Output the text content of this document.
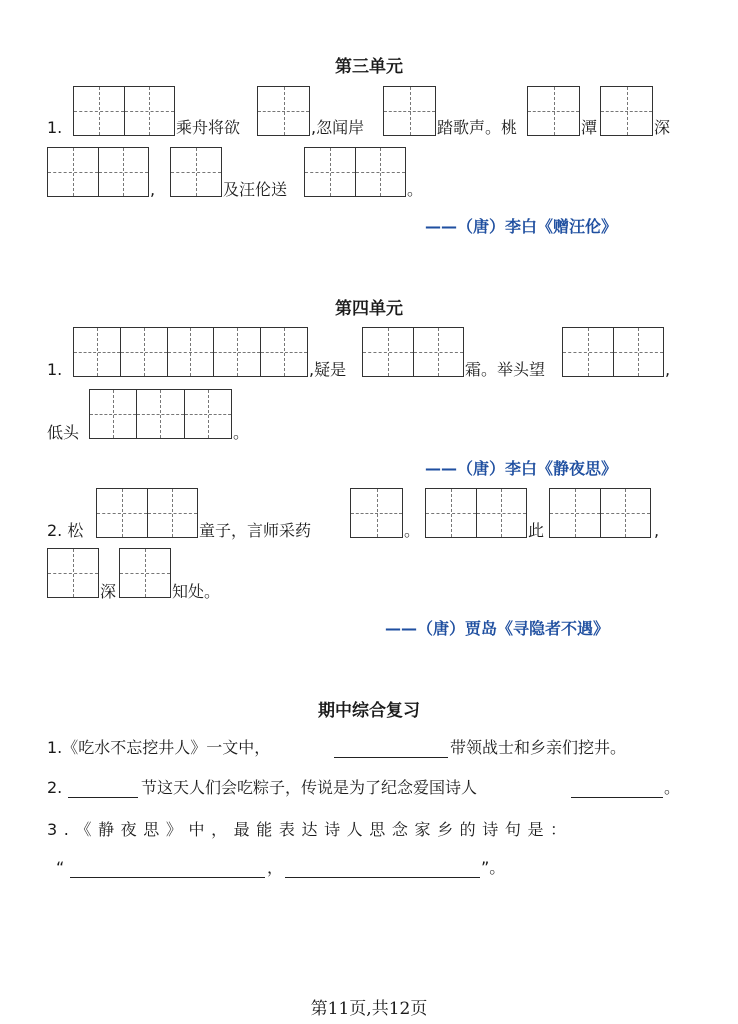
第三单元
1.	乘舟将欲	,忽闻岸	踏歌声。桃	潭	深
,	及汪伦送	。
——（唐）李白《赠汪伦》
第四单元
1.	,疑是	霜。举头望	,
低头	。
——（唐）李白《静夜思》
2. 松	童子，言师采药	。	此	,
深	知处。
——（唐）贾岛《寻隐者不遇》
期中综合复习
1.《吃水不忘挖井人》一文中，	带领战士和乡亲们挖井。
2.	节这天人们会吃粽子，传说是为了纪念爱国诗人	。
3.《静夜思》中，最能表达诗人思念家乡的诗句是：
“	，	”。
第11页,共12页
